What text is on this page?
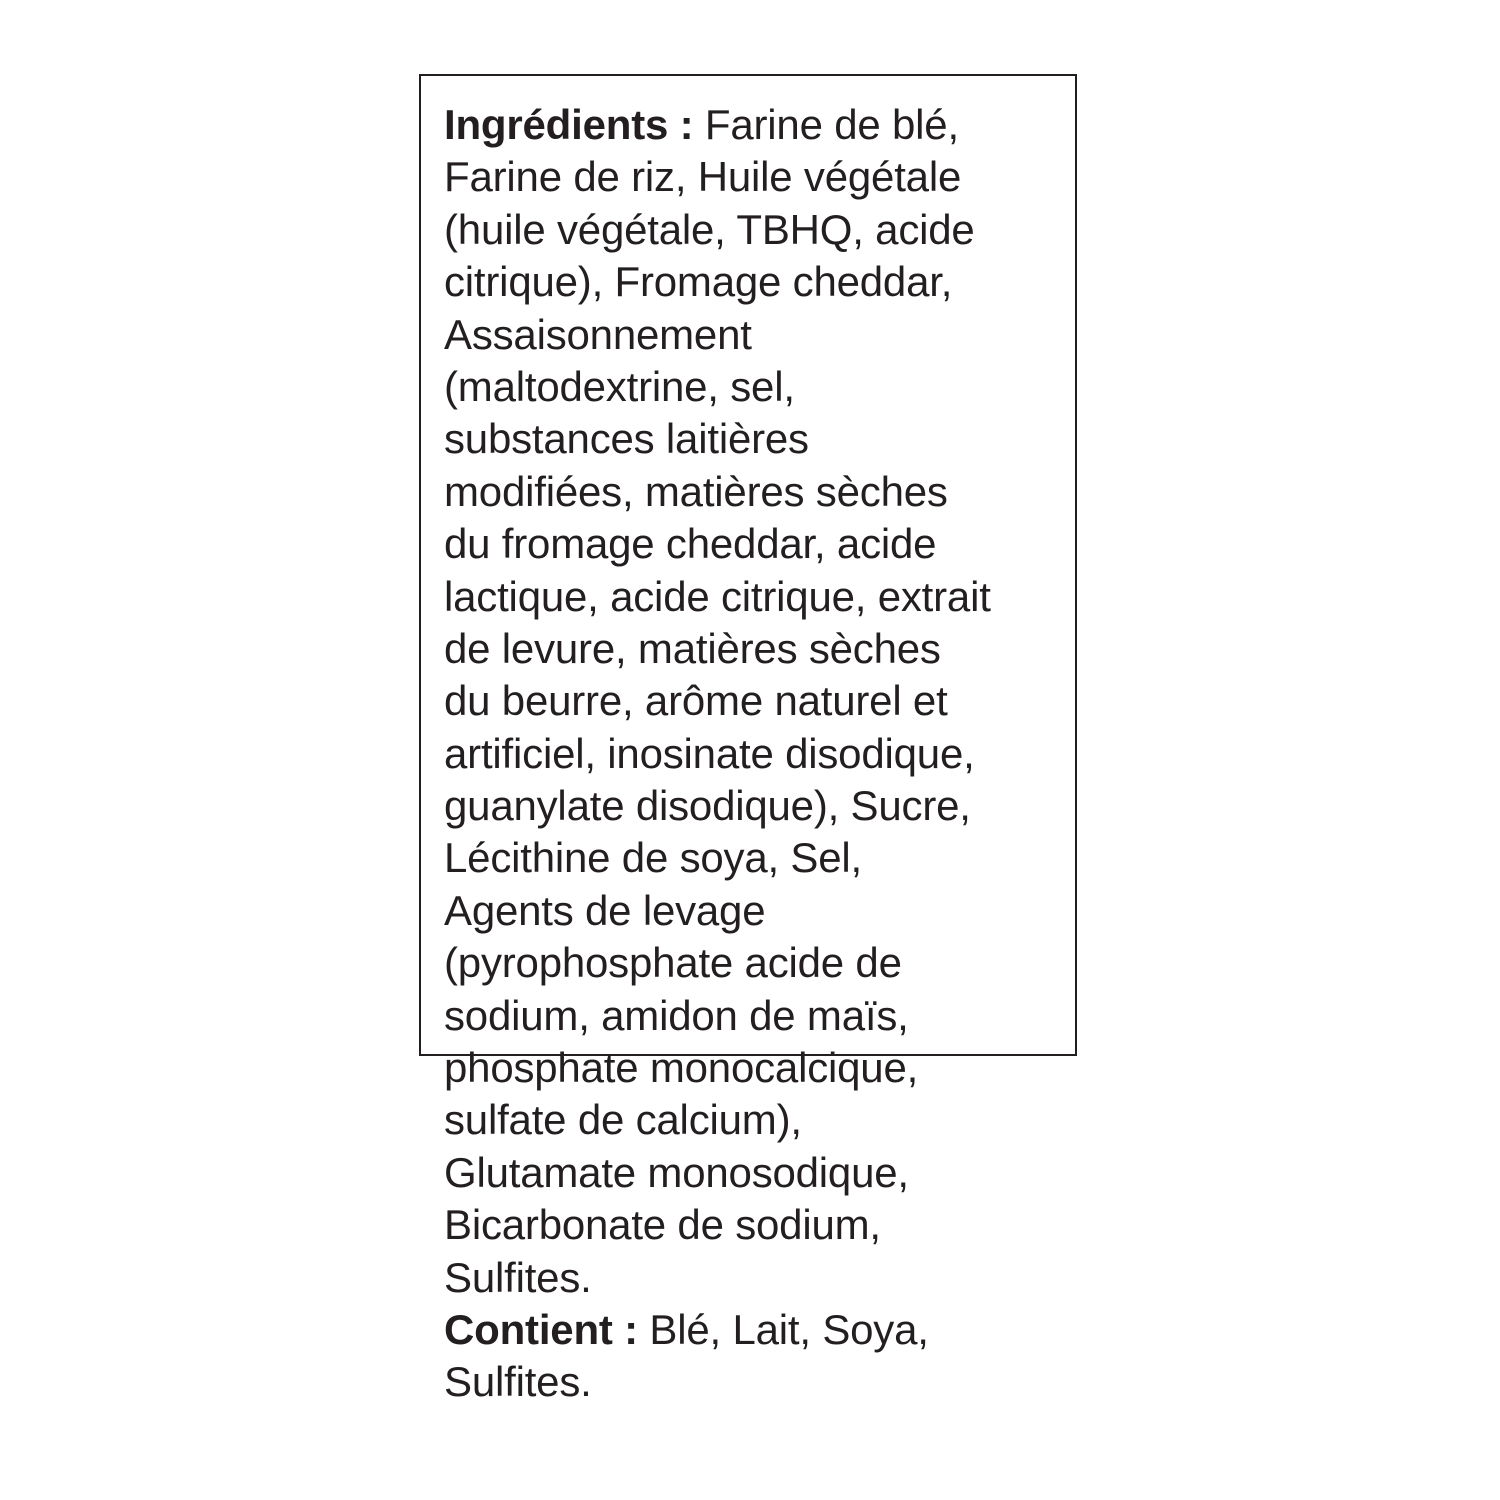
Ingrédients : Farine de blé,
Farine de riz, Huile végétale
(huile végétale, TBHQ, acide
citrique), Fromage cheddar,
Assaisonnement
(maltodextrine, sel,
substances laitières
modifiées, matières sèches
du fromage cheddar, acide
lactique, acide citrique, extrait
de levure, matières sèches
du beurre, arôme naturel et
artificiel, inosinate disodique,
guanylate disodique), Sucre,
Lécithine de soya, Sel,
Agents de levage
(pyrophosphate acide de
sodium, amidon de maïs,
phosphate monocalcique,
sulfate de calcium),
Glutamate monosodique,
Bicarbonate de sodium,
Sulfites.
Contient : Blé, Lait, Soya,
Sulfites.
